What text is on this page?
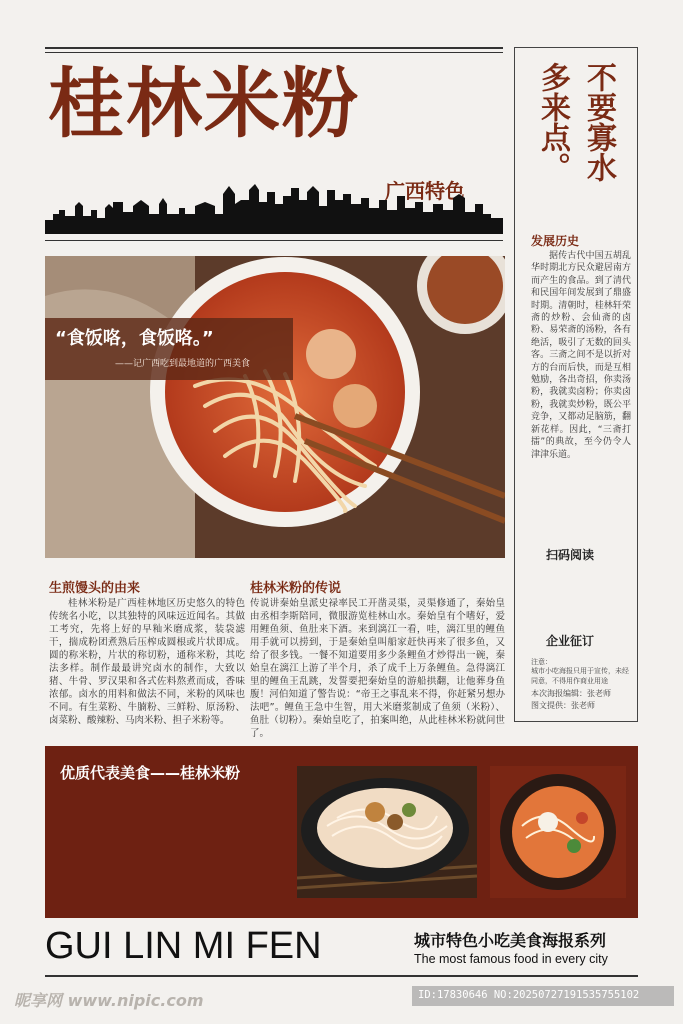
桂林米粉
广西特色
“食饭咯，食饭咯。”
——记广西吃到最地道的广西美食
不要寡水
多来点。
发展历史
据传古代中国五胡乱华时期北方民众避居南方而产生的食品。到了清代和民国年间发展到了鼎盛时期。清朝时，桂林轩荣斋的炒粉、会仙斋的卤粉、易荣斋的汤粉，各有绝活，吸引了无数的回头客。三斋之间不是以折对方的台而后快，而是互相勉励，各出奇招，你卖汤粉，我就卖卤粉；你卖卤粉，我就卖炒粉，既公平竞争，又都动足脑筋，翻新花样。因此，“三斋打擂”的典故，至今仍令人津津乐道。
扫码阅读
企业征订
注意：
城市小吃海报只用于宣传，未经同意，不得用作商业用途
本次海报编辑：张老师
图文提供：张老师
生煎馒头的由来
桂林米粉是广西桂林地区历史悠久的特色传统名小吃，以其独特的风味远近闻名。其做工考究，先将上好的早籼米磨成浆，装袋滤干，揣成粉团煮熟后压榨成圆根或片状即成。圆的称米粉，片状的称切粉，通称米粉，其吃法多样。制作最最讲究卤水的制作，大致以猪、牛骨、罗汉果和各式佐料熬煮而成，香味浓郁。卤水的用料和做法不同，米粉的风味也不同。有生菜粉、牛腩粉、三鲜粉、原汤粉、卤菜粉、酸辣粉、马肉米粉、担子米粉等。
桂林米粉的传说
传说讲秦始皇派史禄率民工开凿灵渠，灵渠修通了，秦始皇由丞相李斯陪同，微服游览桂林山水。秦始皇有个嗜好，爱用鲤鱼须、鱼肚来下酒。来到漓江一看，哇，漓江里的鲤鱼用手就可以捞到，于是秦始皇叫船家赶快再来了很多鱼，又给了很多钱。一餐不知道要用多少条鲤鱼才炒得出一碗，秦始皇在漓江上游了半个月，杀了成千上万条鲤鱼。急得漓江里的鲤鱼王乱跳，发誓要把秦始皇的游船拱翻，让他葬身鱼腹！河伯知道了警告说：“帝王之事乱来不得，你赶紧另想办法吧”。鲤鱼王急中生智，用大米磨浆制成了鱼须（米粉）、鱼肚（切粉）。秦始皇吃了，拍案叫绝，从此桂林米粉就问世了。
优质代表美食——桂林米粉
GUI LIN MI FEN	城市特色小吃美食海报系列
The most famous food in every city
昵享网 www.nipic.com	ID:17830646 NO:20250727191535755102
